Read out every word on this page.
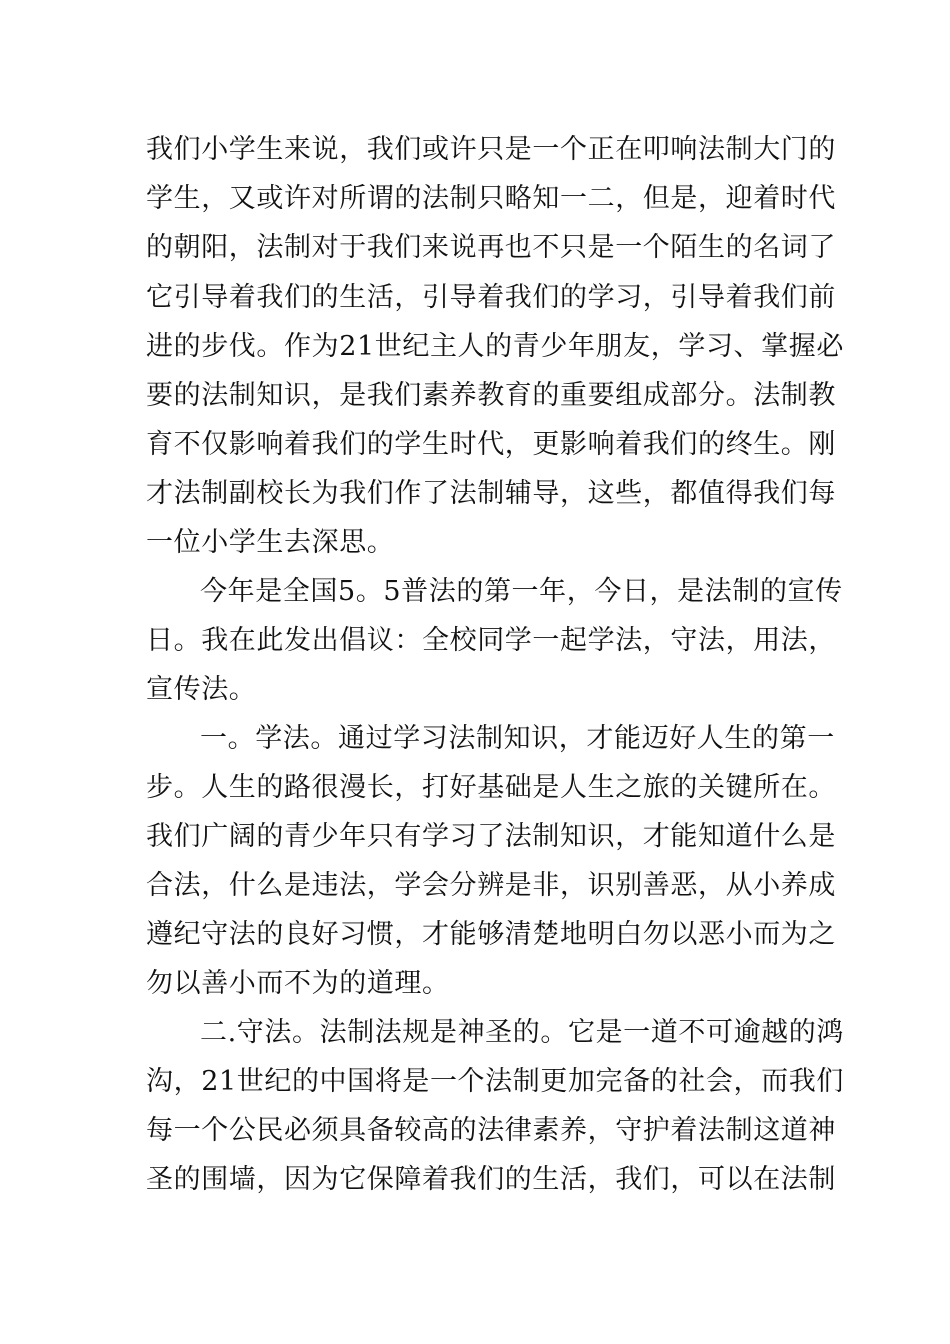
我们小学生来说，我们或许只是一个正在叩响法制大门的
学生，又或许对所谓的法制只略知一二，但是，迎着时代
的朝阳，法制对于我们来说再也不只是一个陌生的名词了
它引导着我们的生活，引导着我们的学习，引导着我们前
进的步伐。作为21世纪主人的青少年朋友，学习、掌握必
要的法制知识，是我们素养教育的重要组成部分。法制教
育不仅影响着我们的学生时代，更影响着我们的终生。刚
才法制副校长为我们作了法制辅导，这些，都值得我们每
一位小学生去深思。
今年是全国5。5普法的第一年，今日，是法制的宣传
日。我在此发出倡议：全校同学一起学法，守法，用法，
宣传法。
一。学法。通过学习法制知识，才能迈好人生的第一
步。人生的路很漫长，打好基础是人生之旅的关键所在。
我们广阔的青少年只有学习了法制知识，才能知道什么是
合法，什么是违法，学会分辨是非，识别善恶，从小养成
遵纪守法的良好习惯，才能够清楚地明白勿以恶小而为之
勿以善小而不为的道理。
二.守法。法制法规是神圣的。它是一道不可逾越的鸿
沟，21世纪的中国将是一个法制更加完备的社会，而我们
每一个公民必须具备较高的法律素养，守护着法制这道神
圣的围墙，因为它保障着我们的生活，我们，可以在法制
